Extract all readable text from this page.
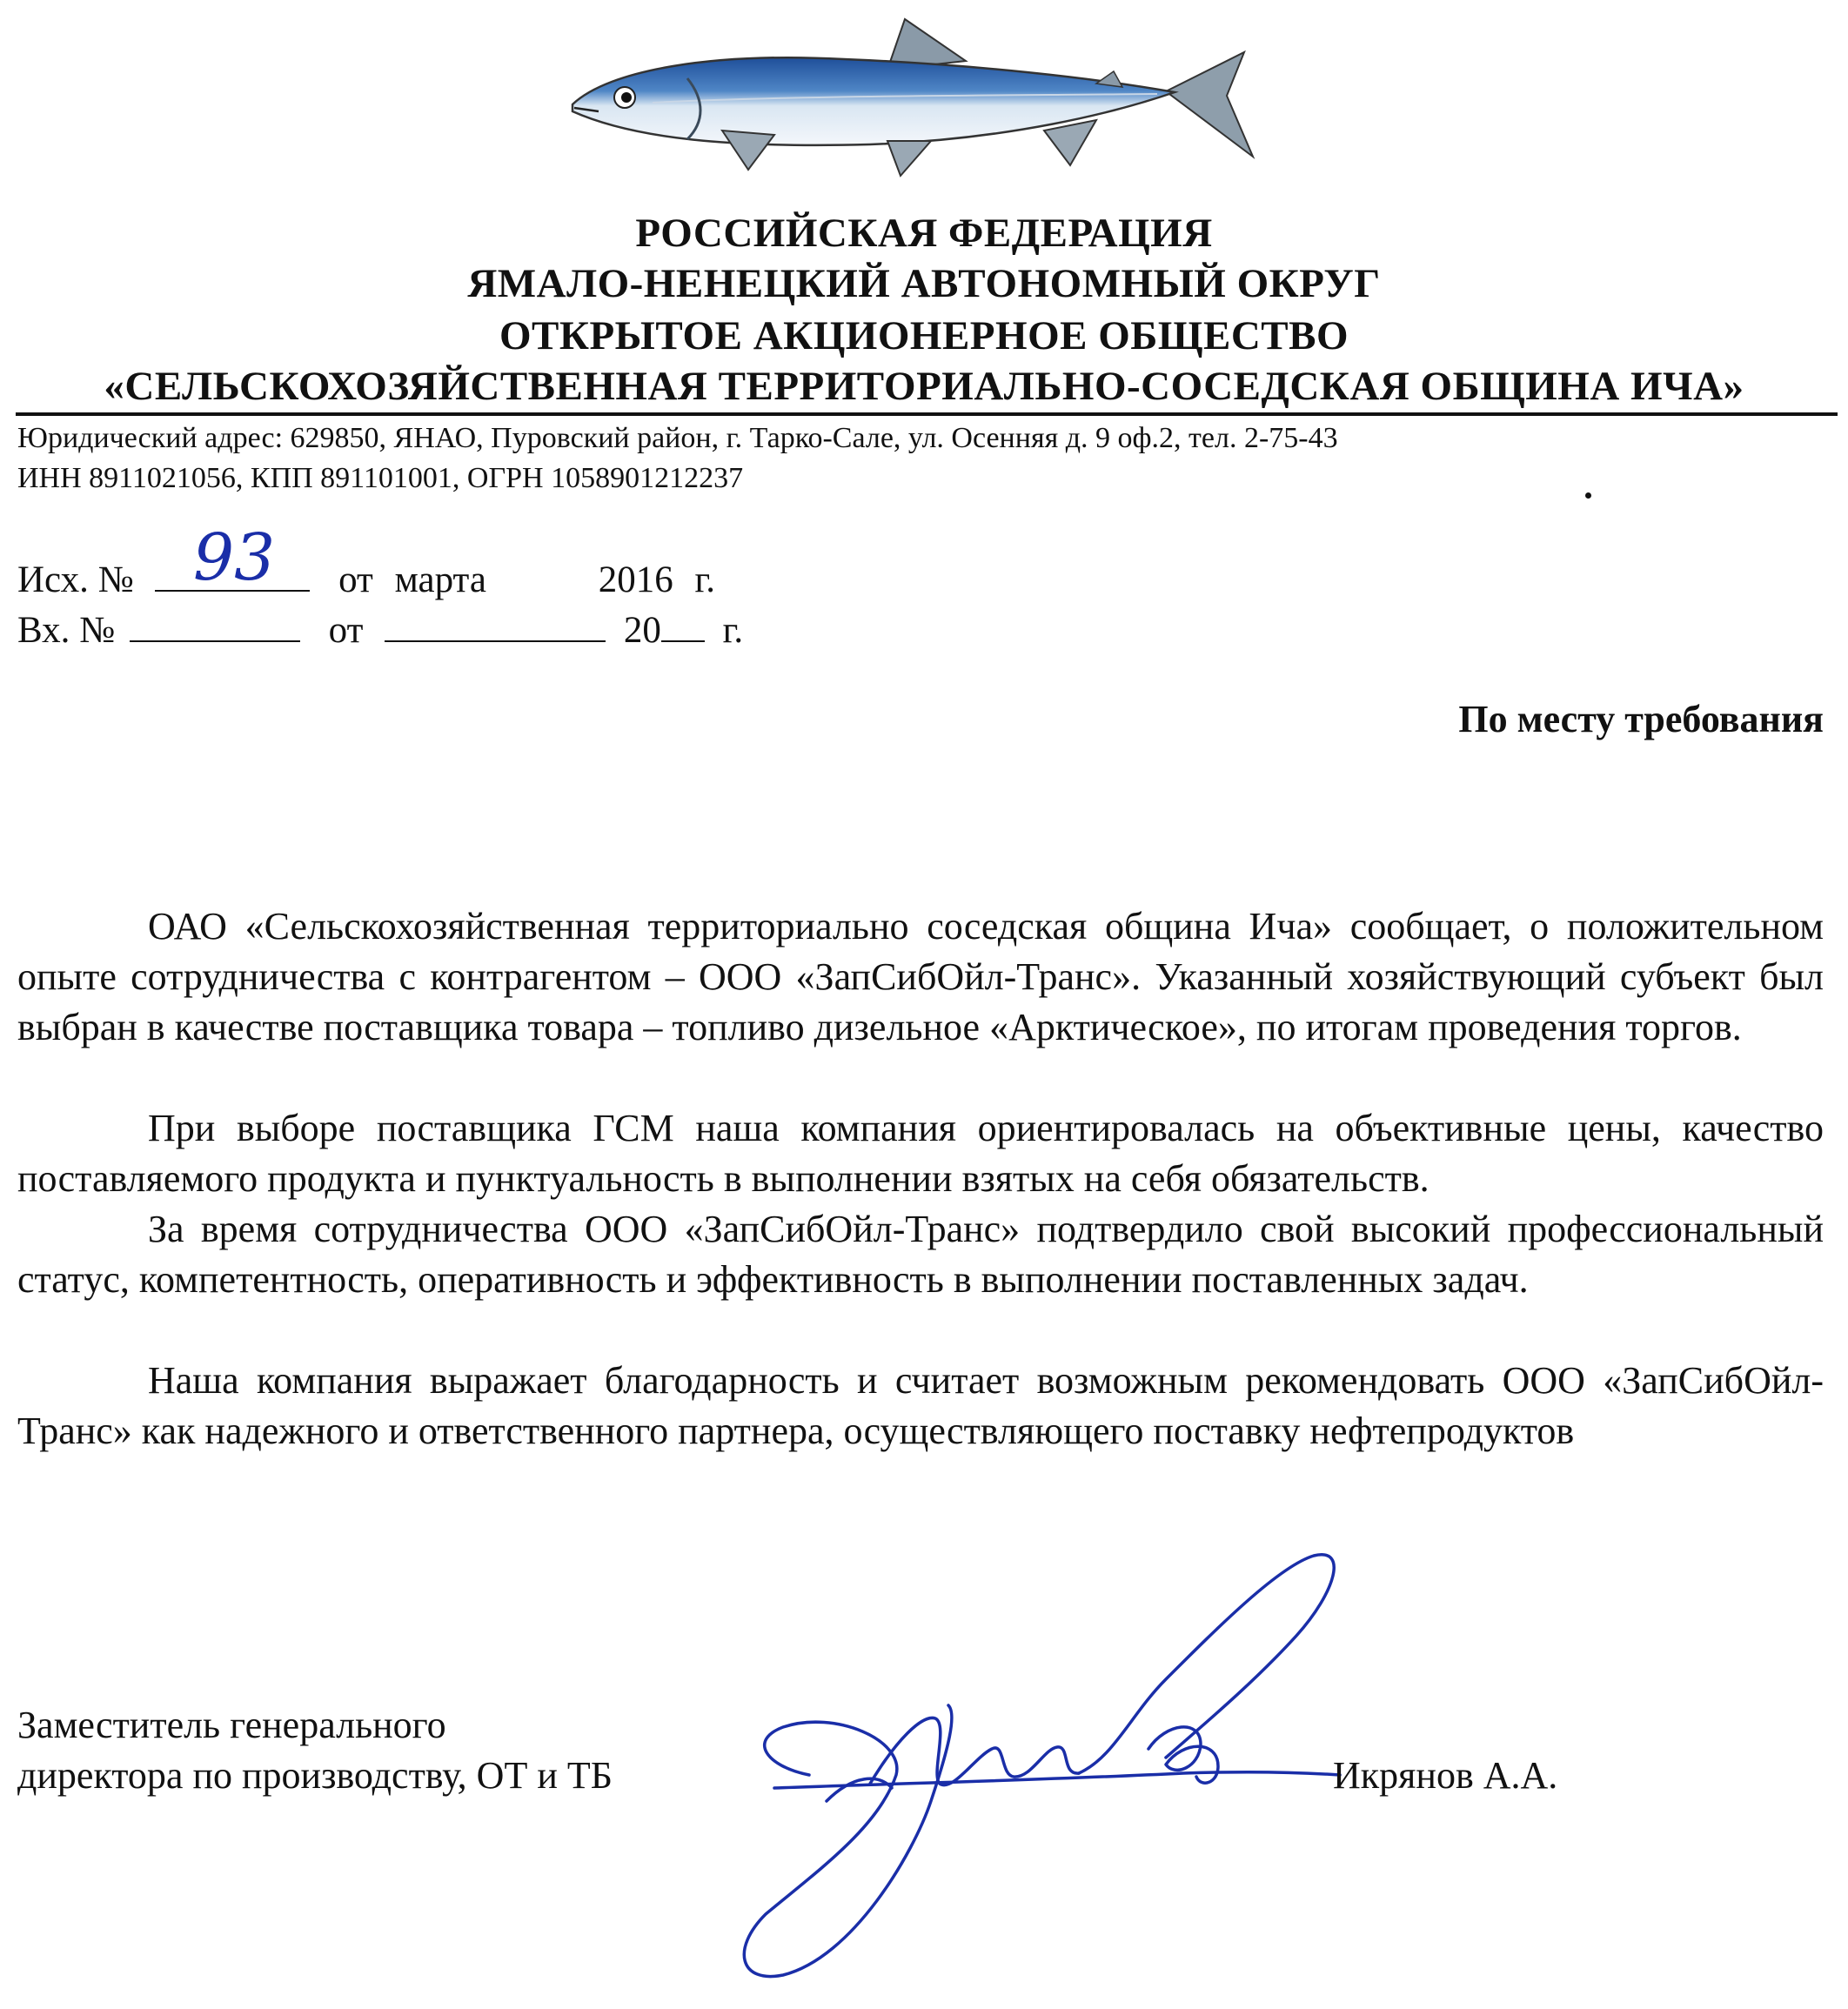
РОССИЙСКАЯ ФЕДЕРАЦИЯ
ЯМАЛО-НЕНЕЦКИЙ АВТОНОМНЫЙ ОКРУГ
ОТКРЫТОЕ АКЦИОНЕРНОЕ ОБЩЕСТВО
«СЕЛЬСКОХОЗЯЙСТВЕННАЯ ТЕРРИТОРИАЛЬНО-СОСЕДСКАЯ ОБЩИНА ИЧА»
Юридический адрес: 629850, ЯНАО, Пуровский район, г. Тарко-Сале, ул. Осенняя д. 9 оф.2, тел. 2-75-43
ИНН 8911021056, КПП 891101001, ОГРН 1058901212237
Исх. №	от марта	2016 г.
93
Вх. №	от	20 г.
По месту требования
ОАО «Сельскохозяйственная территориально соседская община Ича» сообщает, о положительном опыте сотрудничества с контрагентом – ООО «ЗапСибОйл-Транс». Указанный хозяйствующий субъект был выбран в качестве поставщика товара – топливо дизельное «Арктическое», по итогам проведения торгов.
При выборе поставщика ГСМ наша компания ориентировалась на объективные цены, качество поставляемого продукта и пунктуальность в выполнении взятых на себя обязательств.
За время сотрудничества ООО «ЗапСибОйл-Транс» подтвердило свой высокий профессиональный статус, компетентность, оперативность и эффективность в выполнении поставленных задач.
Наша компания выражает благодарность и считает возможным рекомендовать ООО «ЗапСибОйл-Транс» как надежного и ответственного партнера, осуществляющего поставку нефтепродуктов
Заместитель генерального
директора по производству, ОТ и ТБ	Икрянов А.А.
